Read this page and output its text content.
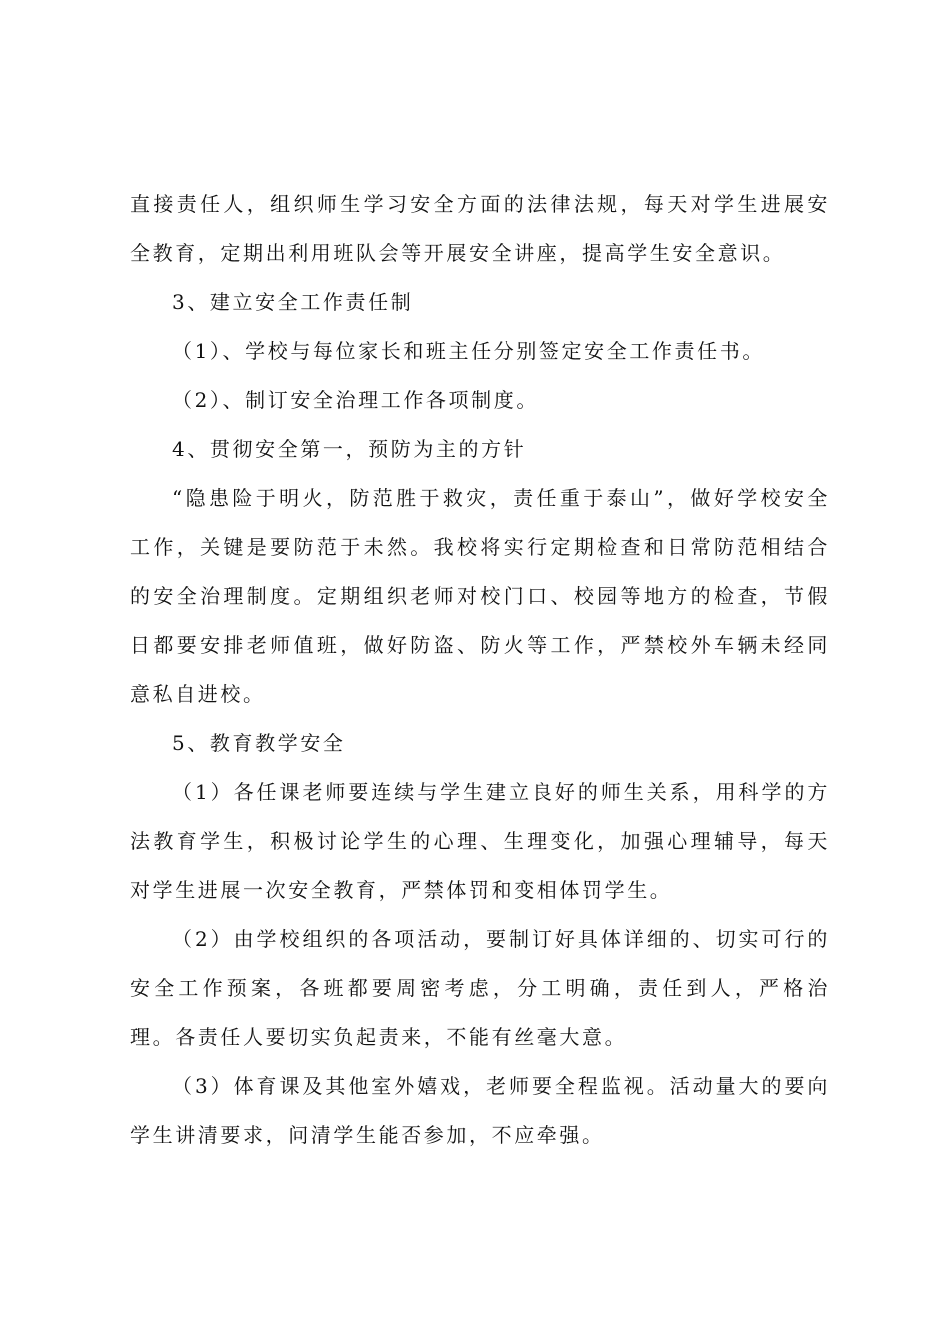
直接责任人，组织师生学习安全方面的法律法规，每天对学生进展安全教育，定期出利用班队会等开展安全讲座，提高学生安全意识。

3、建立安全工作责任制

（1）、学校与每位家长和班主任分别签定安全工作责任书。

（2）、制订安全治理工作各项制度。

4、贯彻安全第一，预防为主的方针

“隐患险于明火，防范胜于救灾，责任重于泰山”，做好学校安全工作，关键是要防范于未然。我校将实行定期检查和日常防范相结合的安全治理制度。定期组织老师对校门口、校园等地方的检查，节假日都要安排老师值班，做好防盗、防火等工作，严禁校外车辆未经同意私自进校。

5、教育教学安全

（1）各任课老师要连续与学生建立良好的师生关系，用科学的方法教育学生，积极讨论学生的心理、生理变化，加强心理辅导，每天对学生进展一次安全教育，严禁体罚和变相体罚学生。

（2）由学校组织的各项活动，要制订好具体详细的、切实可行的安全工作预案，各班都要周密考虑，分工明确，责任到人，严格治理。各责任人要切实负起责来，不能有丝毫大意。

（3）体育课及其他室外嬉戏，老师要全程监视。活动量大的要向学生讲清要求，问清学生能否参加，不应牵强。
